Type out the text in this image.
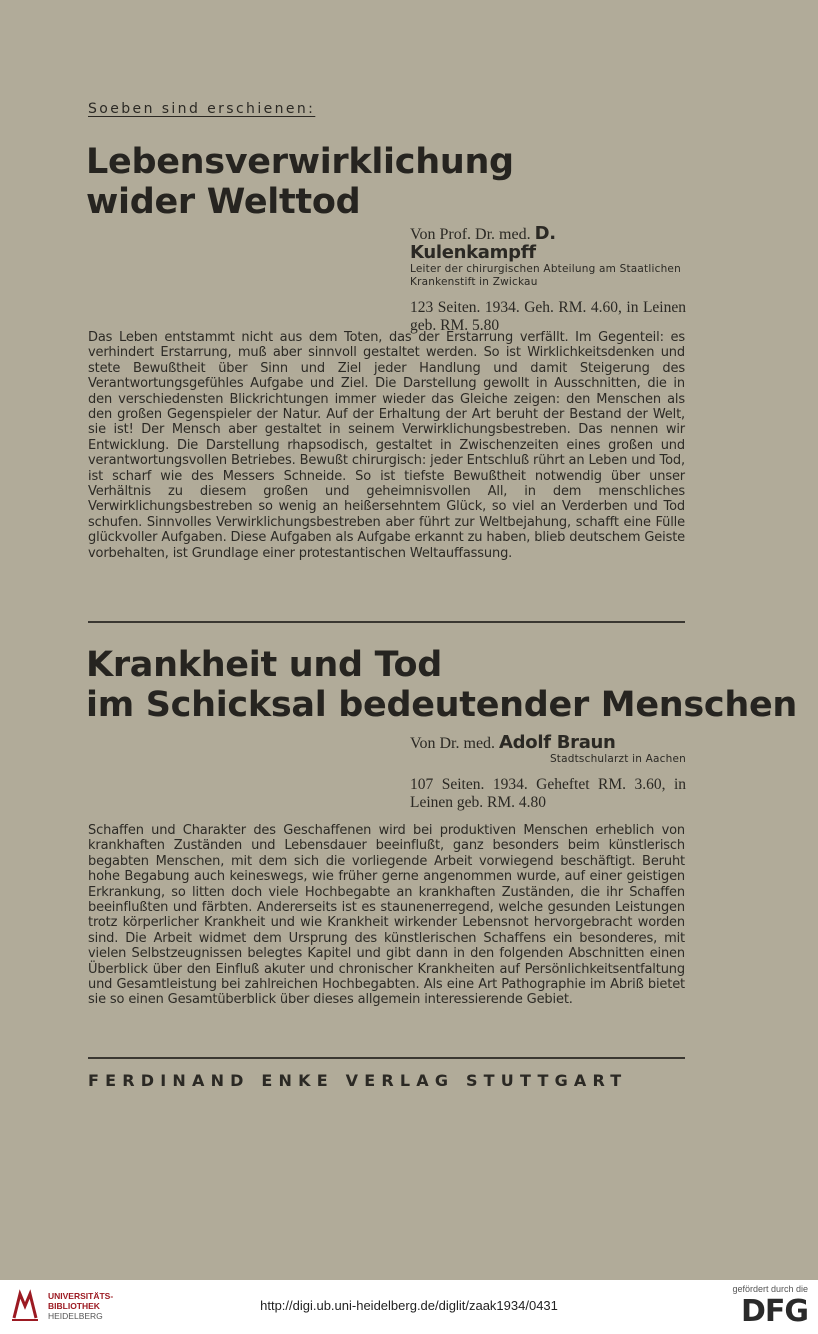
Soeben sind erschienen:
Lebensverwirklichung
wider Welttod
Von Prof. Dr. med. D. Kulenkampff
Leiter der chirurgischen Abteilung am Staatlichen Krankenstift in Zwickau
123 Seiten. 1934. Geh. RM. 4.60, in Leinen geb. RM. 5.80
Das Leben entstammt nicht aus dem Toten, das der Erstarrung verfällt. Im Gegenteil: es verhindert Erstarrung, muß aber sinnvoll gestaltet werden. So ist Wirklichkeitsdenken und stete Bewußtheit über Sinn und Ziel jeder Handlung und damit Steigerung des Verantwortungsgefühles Aufgabe und Ziel. Die Darstellung gewollt in Ausschnitten, die in den verschiedensten Blickrichtungen immer wieder das Gleiche zeigen: den Menschen als den großen Gegenspieler der Natur. Auf der Erhaltung der Art beruht der Bestand der Welt, sie ist! Der Mensch aber gestaltet in seinem Verwirklichungsbestreben. Das nennen wir Entwicklung. Die Darstellung rhapsodisch, gestaltet in Zwischenzeiten eines großen und verantwortungsvollen Betriebes. Bewußt chirurgisch: jeder Entschluß rührt an Leben und Tod, ist scharf wie des Messers Schneide. So ist tiefste Bewußtheit notwendig über unser Verhältnis zu diesem großen und geheimnisvollen All, in dem menschliches Verwirklichungsbestreben so wenig an heißersehntem Glück, so viel an Verderben und Tod schufen. Sinnvolles Verwirklichungsbestreben aber führt zur Weltbejahung, schafft eine Fülle glückvoller Aufgaben. Diese Aufgaben als Aufgabe erkannt zu haben, blieb deutschem Geiste vorbehalten, ist Grundlage einer protestantischen Weltauffassung.
Krankheit und Tod
im Schicksal bedeutender Menschen
Von Dr. med. Adolf Braun
Stadtschularzt in Aachen
107 Seiten. 1934. Geheftet RM. 3.60, in Leinen geb. RM. 4.80
Schaffen und Charakter des Geschaffenen wird bei produktiven Menschen erheblich von krankhaften Zuständen und Lebensdauer beeinflußt, ganz besonders beim künstlerisch begabten Menschen, mit dem sich die vorliegende Arbeit vorwiegend beschäftigt. Beruht hohe Begabung auch keineswegs, wie früher gerne angenommen wurde, auf einer geistigen Erkrankung, so litten doch viele Hochbegabte an krankhaften Zuständen, die ihr Schaffen beeinflußten und färbten. Andererseits ist es staunenerregend, welche gesunden Leistungen trotz körperlicher Krankheit und wie Krankheit wirkender Lebensnot hervorgebracht worden sind. Die Arbeit widmet dem Ursprung des künstlerischen Schaffens ein besonderes, mit vielen Selbstzeugnissen belegtes Kapitel und gibt dann in den folgenden Abschnitten einen Überblick über den Einfluß akuter und chronischer Krankheiten auf Persönlichkeitsentfaltung und Gesamtleistung bei zahlreichen Hochbegabten. Als eine Art Pathographie im Abriß bietet sie so einen Gesamtüberblick über dieses allgemein interessierende Gebiet.
FERDINAND ENKE VERLAG STUTTGART
UNIVERSITÄTS-
BIBLIOTHEK
HEIDELBERG
http://digi.ub.uni-heidelberg.de/diglit/zaak1934/0431
gefördert durch die
DFG
